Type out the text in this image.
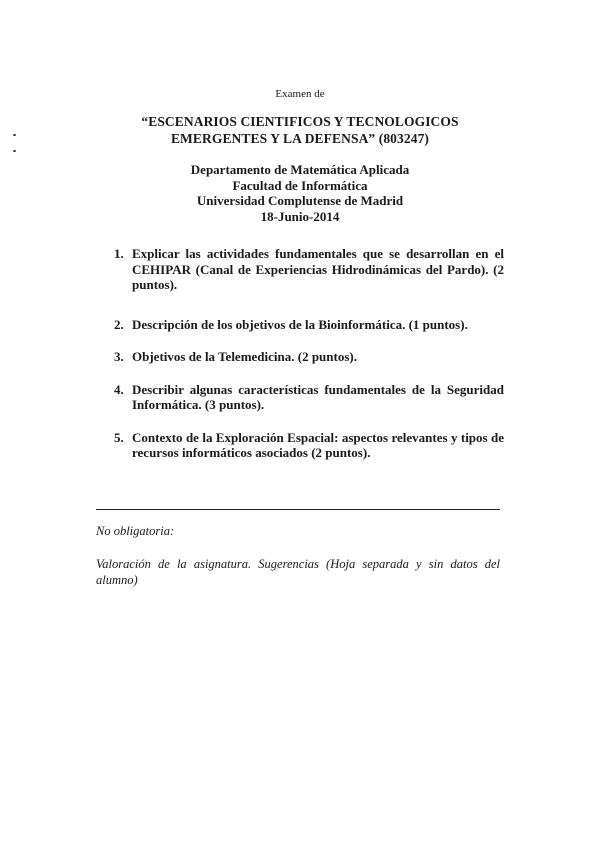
Examen de
“ESCENARIOS CIENTIFICOS Y TECNOLOGICOS EMERGENTES Y LA DEFENSA” (803247)
Departamento de Matemática Aplicada
Facultad de Informática
Universidad Complutense de Madrid
18-Junio-2014
1. Explicar las actividades fundamentales que se desarrollan en el CEHIPAR (Canal de Experiencias Hidrodinámicas del Pardo). (2 puntos).
2. Descripción de los objetivos de la Bioinformática. (1 puntos).
3. Objetivos de la Telemedicina. (2 puntos).
4. Describir algunas características fundamentales de la Seguridad Informática. (3 puntos).
5. Contexto de la Exploración Espacial: aspectos relevantes y tipos de recursos informáticos asociados (2 puntos).
No obligatoria:
Valoración de la asignatura. Sugerencias (Hoja separada y sin datos del alumno)
